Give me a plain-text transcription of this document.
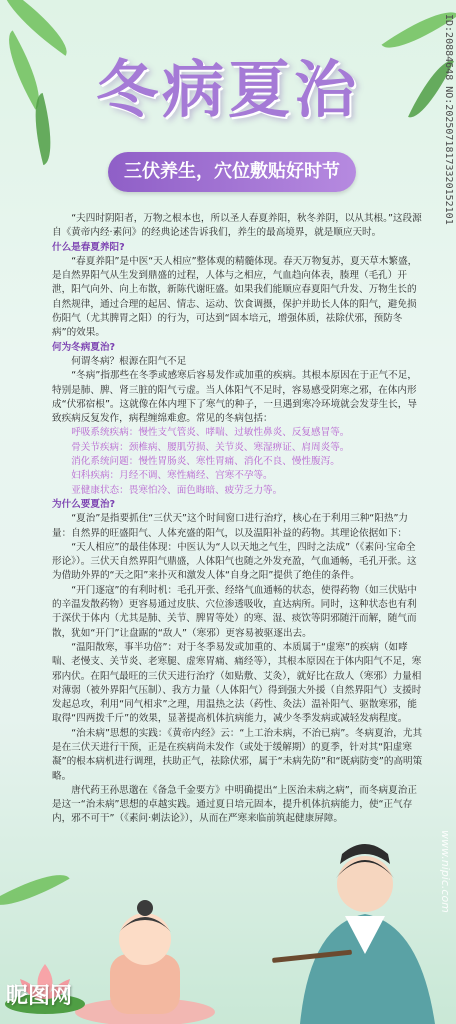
冬病夏治
三伏养生，穴位敷贴好时节

“夫四时阴阳者，万物之根本也，所以圣人春夏养阳，秋冬养阴，以从其根。”这段源自《黄帝内经·素问》的经典论述告诉我们，养生的最高境界，就是顺应天时。

什么是春夏养阳?

“春夏养阳”是中医“天人相应”整体观的精髓体现。春天万物复苏，夏天草木繁盛，是自然界阳气从生发到鼎盛的过程，人体与之相应，气血趋向体表，腠理（毛孔）开泄，阳气向外、向上布散，新陈代谢旺盛。如果我们能顺应春夏阳气升发、万物生长的自然规律，通过合理的起居、情志、运动、饮食调摄，保护并助长人体的阳气，避免损伤阳气（尤其脾胃之阳）的行为，可达到“固本培元，增强体质，祛除伏邪，预防冬病”的效果。

何为冬病夏治?

何谓冬病？根源在阳气不足

“冬病”指那些在冬季或感寒后容易发作或加重的疾病。其根本原因在于正气不足，特别是肺、脾、肾三脏的阳气亏虚。当人体阳气不足时，容易感受阴寒之邪，在体内形成“伏邪宿根”。这就像在体内埋下了寒气的种子，一旦遇到寒冷环境就会发芽生长，导致疾病反复发作，病程缠绵难愈。常见的冬病包括：

呼吸系统疾病：慢性支气管炎、哮喘、过敏性鼻炎、反复感冒等。

骨关节疾病：颈椎病、腰肌劳损、关节炎、寒湿痹证、肩周炎等。

消化系统问题：慢性胃肠炎、寒性胃痛、消化不良、慢性腹泻。

妇科疾病：月经不调、寒性痛经、宫寒不孕等。

亚健康状态：畏寒怕冷、面色晦暗、疲劳乏力等。

为什么要夏治?

“夏治”是指要抓住“三伏天”这个时间窗口进行治疗，核心在于利用三种“阳热”力量：自然界的旺盛阳气、人体充盛的阳气，以及温阳补益的药物。其理论依据如下：

“天人相应”的最佳体现：中医认为“人以天地之气生，四时之法成”（《素问·宝命全形论》）。三伏天自然界阳气鼎盛，人体阳气也随之外发充盈，气血通畅，毛孔开张。这为借助外界的“天之阳”来扑灭和激发人体“自身之阳”提供了绝佳的条件。

“开门逐寇”的有利时机：毛孔开张、经络气血通畅的状态，使得药物（如三伏贴中的辛温发散药物）更容易通过皮肤、穴位渗透吸收，直达病所。同时，这种状态也有利于深伏于体内（尤其是肺、关节、脾胃等处）的寒、湿、痰饮等阴邪随汗而解，随气而散，犹如“开门”让盘踞的“敌人”（寒邪）更容易被驱逐出去。

“温阳散寒，事半功倍”：对于冬季易发或加重的、本质属于“虚寒”的疾病（如哮喘、老慢支、关节炎、老寒腿、虚寒胃痛、痛经等），其根本原因在于体内阳气不足，寒邪内伏。在阳气最旺的三伏天进行治疗（如贴敷、艾灸），就好比在敌人（寒邪）力量相对薄弱（被外界阳气压制）、我方力量（人体阳气）得到强大外援（自然界阳气）支援时发起总攻，利用“同气相求”之理，用温热之法（药性、灸法）温补阳气、驱散寒邪，能取得“四两拨千斤”的效果，显著提高机体抗病能力，减少冬季发病或减轻发病程度。

“治未病”思想的实践：《黄帝内经》云：“上工治未病，不治已病”。冬病夏治，尤其是在三伏天进行干预，正是在疾病尚未发作（或处于缓解期）的夏季，针对其“阳虚寒凝”的根本病机进行调理，扶助正气，祛除伏邪，属于“未病先防”和“既病防变”的高明策略。

唐代药王孙思邈在《备急千金要方》中明确提出“上医治未病之病”，而冬病夏治正是这一“治未病”思想的卓越实践。通过夏日培元固本，提升机体抗病能力，使“正气存内，邪不可干”（《素问·刺法论》），从而在严寒来临前筑起健康屏障。

ID:20884648 NO:20250718173320152101
www.nipic.com
昵图网
